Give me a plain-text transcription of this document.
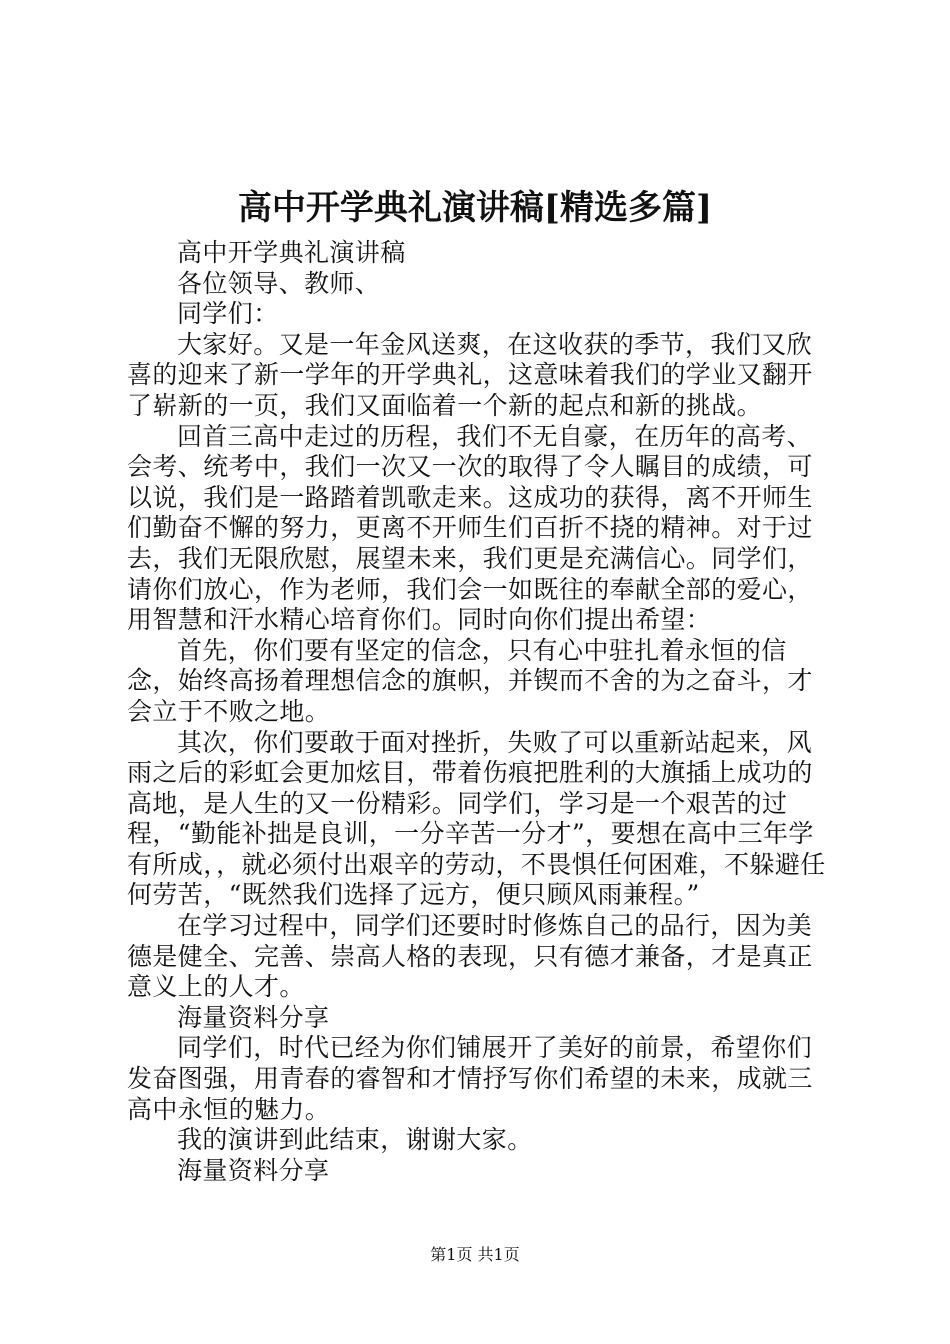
高中开学典礼演讲稿[精选多篇]

高中开学典礼演讲稿

各位领导、教师、

同学们：

大家好。又是一年金风送爽，在这收获的季节，我们又欣喜的迎来了新一学年的开学典礼，这意味着我们的学业又翻开了崭新的一页，我们又面临着一个新的起点和新的挑战。

回首三高中走过的历程，我们不无自豪，在历年的高考、会考、统考中，我们一次又一次的取得了令人瞩目的成绩，可以说，我们是一路踏着凯歌走来。这成功的获得，离不开师生们勤奋不懈的努力，更离不开师生们百折不挠的精神。对于过去，我们无限欣慰，展望未来，我们更是充满信心。同学们，请你们放心，作为老师，我们会一如既往的奉献全部的爱心，用智慧和汗水精心培育你们。同时向你们提出希望：

首先，你们要有坚定的信念，只有心中驻扎着永恒的信念，始终高扬着理想信念的旗帜，并锲而不舍的为之奋斗，才会立于不败之地。

其次，你们要敢于面对挫折，失败了可以重新站起来，风雨之后的彩虹会更加炫目，带着伤痕把胜利的大旗插上成功的高地，是人生的又一份精彩。同学们，学习是一个艰苦的过程，“勤能补拙是良训，一分辛苦一分才”，要想在高中三年学有所成，，就必须付出艰辛的劳动，不畏惧任何困难，不躲避任何劳苦，“既然我们选择了远方，便只顾风雨兼程。”

在学习过程中，同学们还要时时修炼自己的品行，因为美德是健全、完善、崇高人格的表现，只有德才兼备，才是真正意义上的人才。

海量资料分享

同学们，时代已经为你们铺展开了美好的前景，希望你们发奋图强，用青春的睿智和才情抒写你们希望的未来，成就三高中永恒的魅力。

我的演讲到此结束，谢谢大家。

海量资料分享

第1页 共1页
